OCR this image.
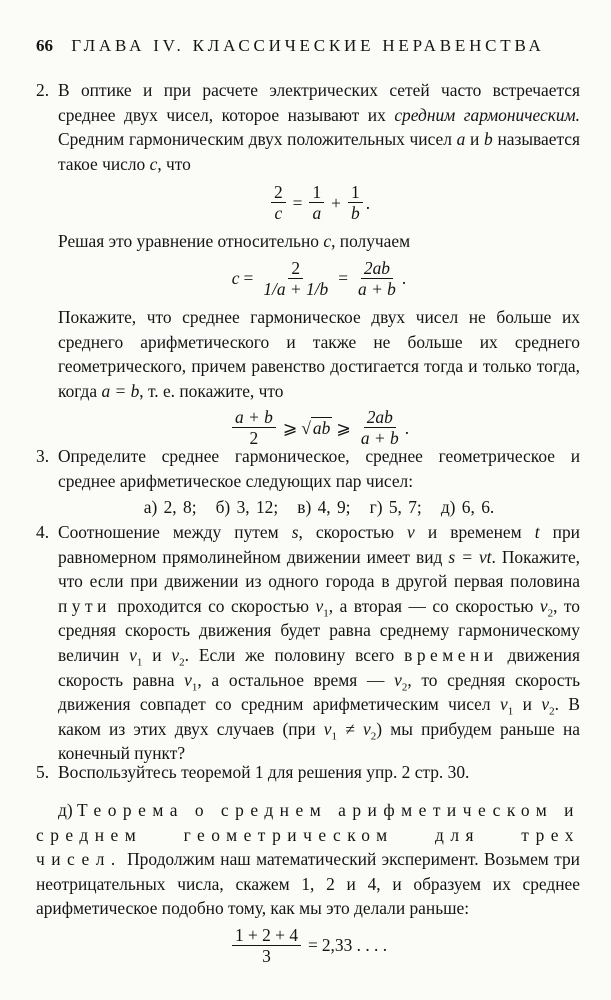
66 ГЛАВА IV. КЛАССИЧЕСКИЕ НЕРАВЕНСТВА
2. В оптике и при расчете электрических сетей часто встречается среднее двух чисел, которое называют их средним гармоническим. Средним гармоническим двух положительных чисел a и b называется такое число c, что

$\frac{2}{c} = \frac{1}{a} + \frac{1}{b}$ .

Решая это уравнение относительно c, получаем

$c = \frac{2}{1/a + 1/b} = \frac{2ab}{a + b}$ .

Покажите, что среднее гармоническое двух чисел не больше их среднего арифметического и также не больше их среднего геометрического, причем равенство достигается тогда и только тогда, когда a = b, т. е. покажите, что

$\frac{a + b}{2}$ ⩾ √ ab ⩾ $\frac{2ab}{a + b}$ .
3. Определите среднее гармоническое, среднее геометрическое и среднее арифметическое следующих пар чисел:

а) 2, 8; б) 3, 12; в) 4, 9; г) 5, 7; д) 6, 6.
4. Соотношение между путем s, скоростью v и временем t при равномерном прямолинейном движении имеет вид s = vt. Покажите, что если при движении из одного города в другой первая половина пути проходится со скоростью $v_1$, а вторая — со скоростью $v_2$, то средняя скорость движения будет равна среднему гармоническому величин $v_1$ и $v_2$. Если же половину всего времени движения скорость равна $v_1$, а остальное время — $v_2$, то средняя скорость движения совпадет со средним арифметическим чисел $v_1$ и $v_2$. В каком из этих двух случаев (при $v_1 \ne v_2$) мы прибудем раньше на конечный пункт?

5. Воспользуйтесь теоремой 1 для решения упр. 2 стр. 30.

д) Теорема о среднем арифметическом и среднем геометрическом для трех чисел. Продолжим наш математический эксперимент. Возьмем три неотрицательных числа, скажем 1, 2 и 4, и образуем их среднее арифметическое подобно тому, как мы это делали раньше:

$\frac{1 + 2 + 4}{3} = 2,33$ . . . .
